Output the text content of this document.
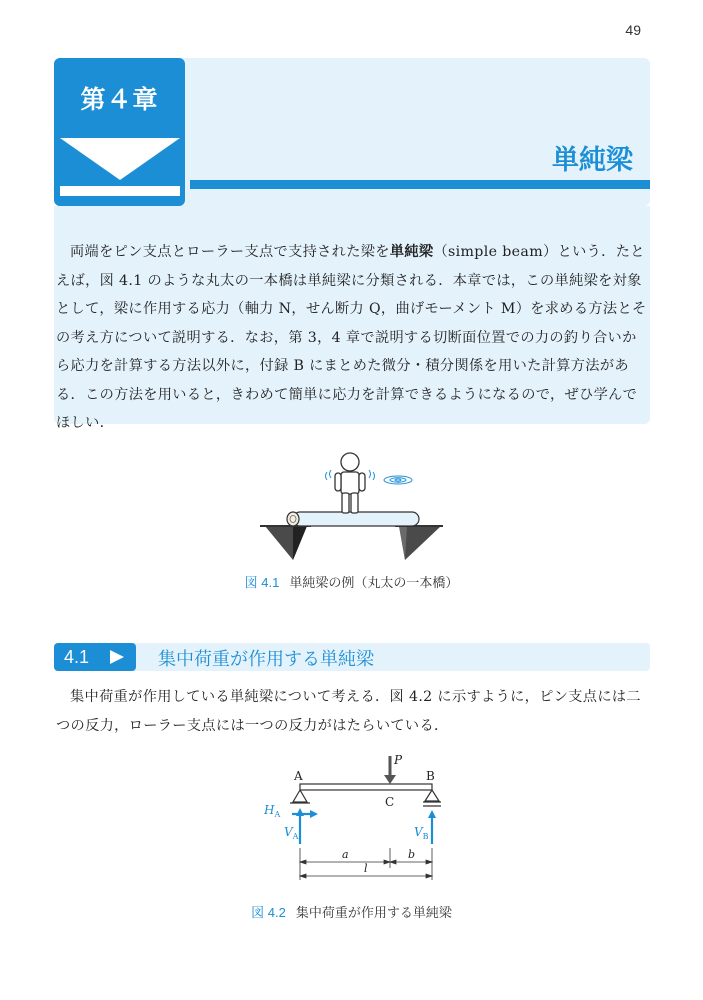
49
第４章
単純梁

両端をピン支点とローラー支点で支持された梁を単純梁（simple beam）という．たとえば，図 4.1 のような丸太の一本橋は単純梁に分類される．本章では，この単純梁を対象として，梁に作用する応力（軸力 N，せん断力 Q，曲げモーメント M）を求める方法とその考え方について説明する．なお，第 3，4 章で説明する切断面位置での力の釣り合いから応力を計算する方法以外に，付録 B にまとめた微分・積分関係を用いた計算方法がある．この方法を用いると，きわめて簡単に応力を計算できるようになるので，ぜひ学んでほしい．

図 4.1 単純梁の例（丸太の一本橋）
4.1	集中荷重が作用する単純梁

集中荷重が作用している単純梁について考える．図 4.2 に示すように，ピン支点には二つの反力，ローラー支点には一つの反力がはたらいている．

P
A	B
C
$H_A$
$V_A$	$V_B$
a	b
l
図 4.2 集中荷重が作用する単純梁
